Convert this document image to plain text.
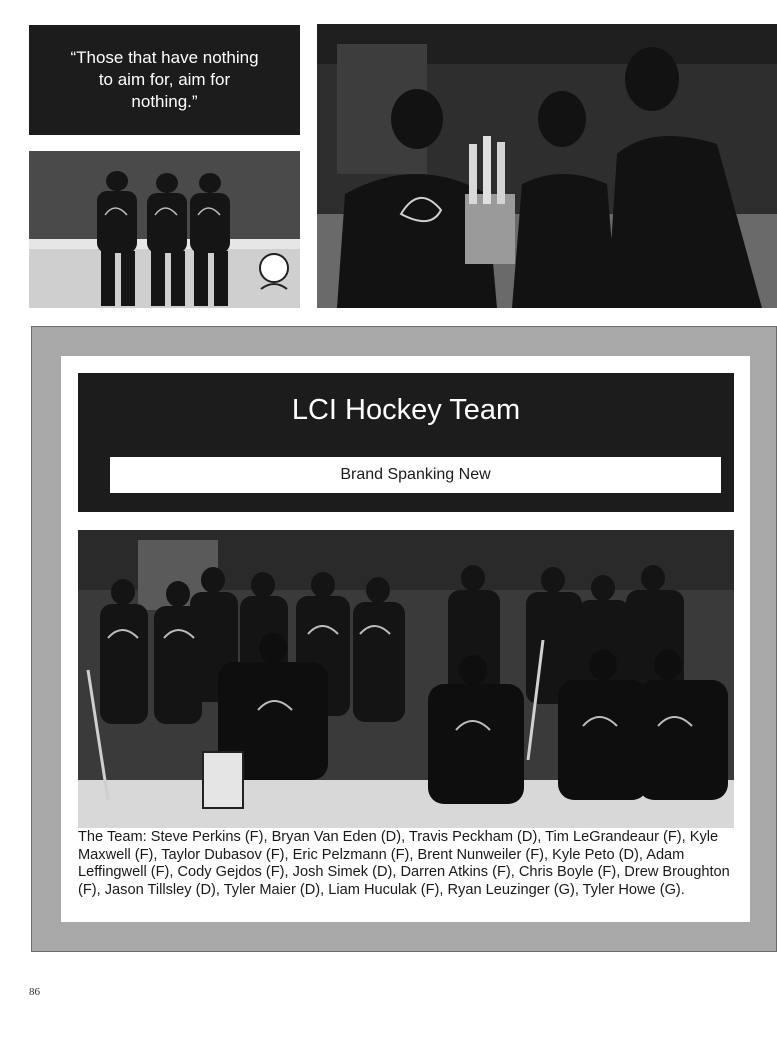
“Those that have nothing to aim for, aim for nothing.”
LCI Hockey Team
Brand Spanking New
The Team: Steve Perkins (F), Bryan Van Eden (D), Travis Peckham (D), Tim LeGrandeaur (F), Kyle Maxwell (F), Taylor Dubasov (F), Eric Pelzmann (F), Brent Nunweiler (F), Kyle Peto (D), Adam Leffingwell (F), Cody Gejdos (F), Josh Simek (D), Darren Atkins (F), Chris Boyle (F), Drew Broughton (F), Jason Tillsley (D), Tyler Maier (D), Liam Huculak (F), Ryan Leuzinger (G), Tyler Howe (G).
86
